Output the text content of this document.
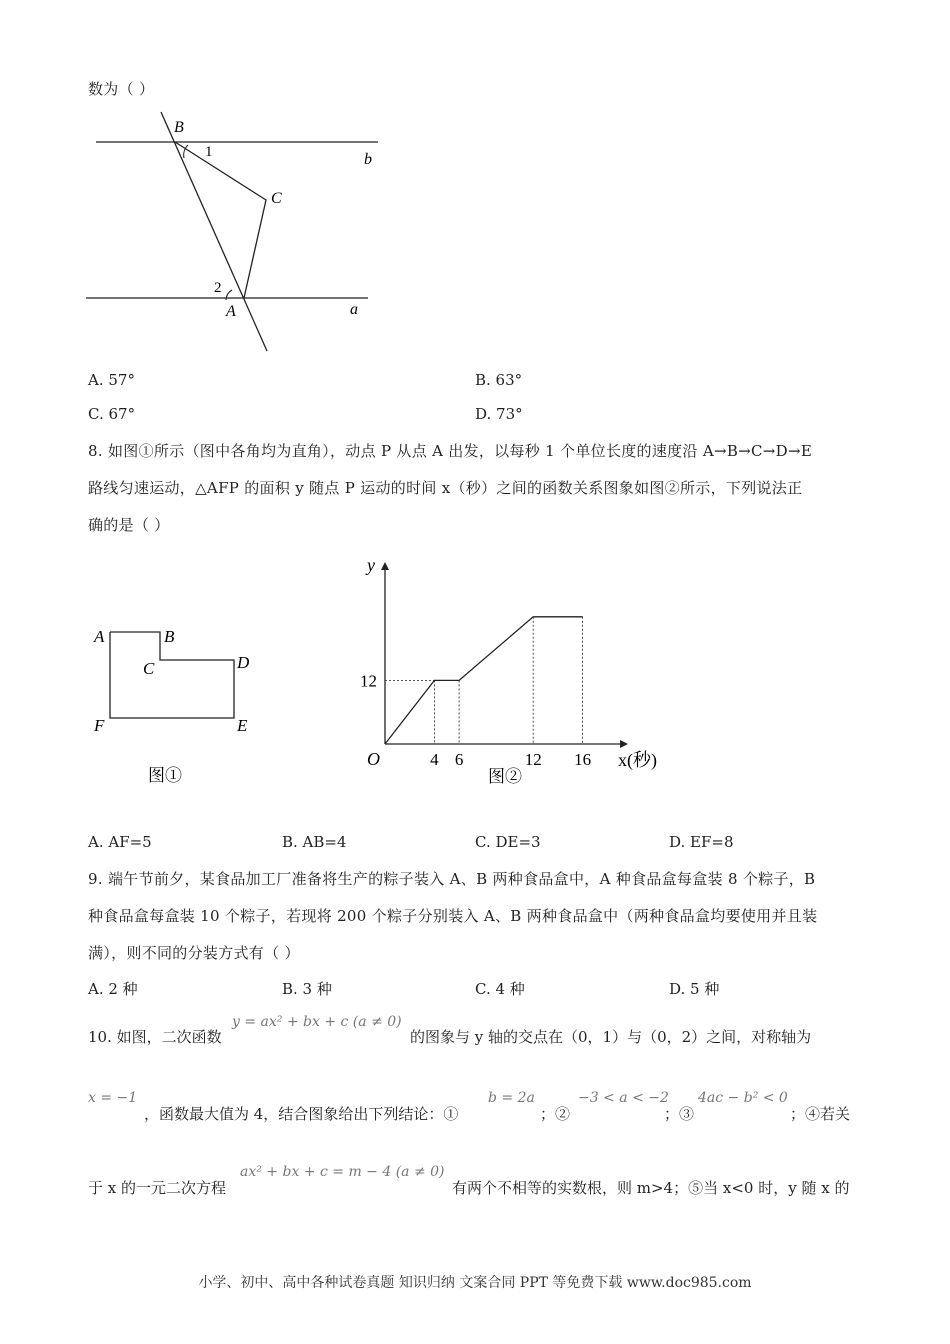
数为（ ）
B
1	b
C
2
A	a
A. 57°	B. 63°
C. 67°	D. 73°
8. 如图①所示（图中各角均为直角），动点 P 从点 A 出发，以每秒 1 个单位长度的速度沿 A→B→C→D→E
路线匀速运动，△AFP 的面积 y 随点 P 运动的时间 x（秒）之间的函数关系图象如图②所示，下列说法正
确的是（ ）
A	B
C	D
E
F
图①
4 6	12 16
12
y
O	x(秒)
图②
A. AF=5	B. AB=4	C. DE=3	D. EF=8
9. 端午节前夕，某食品加工厂准备将生产的粽子装入 A、B 两种食品盒中，A 种食品盒每盒装 8 个粽子，B
种食品盒每盒装 10 个粽子，若现将 200 个粽子分别装入 A、B 两种食品盒中（两种食品盒均要使用并且装
满），则不同的分装方式有（ ）
A. 2 种	B. 3 种	C. 4 种	D. 5 种
10. 如图，二次函数
y = ax² + bx + c (a ≠ 0)
的图象与 y 轴的交点在（0，1）与（0，2）之间，对称轴为
x = −1
，函数最大值为 4，结合图象给出下列结论：①
b = 2a
；②
−3 < a < −2
；③
4ac − b² < 0
；④若关
于 x 的一元二次方程
ax² + bx + c = m − 4 (a ≠ 0)
有两个不相等的实数根，则 m>4；⑤当 x<0 时，y 随 x 的
小学、初中、高中各种试卷真题 知识归纳 文案合同 PPT 等免费下载 www.doc985.com
